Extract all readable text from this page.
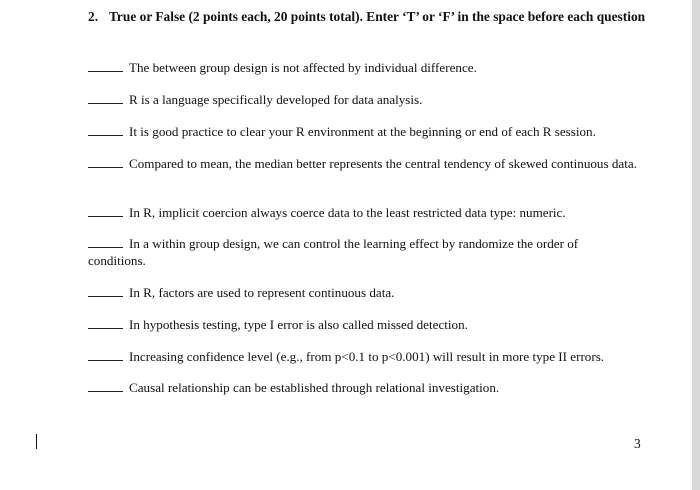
2. True or False (2 points each, 20 points total). Enter ‘T’ or ‘F’ in the space before each question
The between group design is not affected by individual difference.
R is a language specifically developed for data analysis.
It is good practice to clear your R environment at the beginning or end of each R session.
Compared to mean, the median better represents the central tendency of skewed continuous data.
In R, implicit coercion always coerce data to the least restricted data type: numeric.
In a within group design, we can control the learning effect by randomize the order of conditions.
In R, factors are used to represent continuous data.
In hypothesis testing, type I error is also called missed detection.
Increasing confidence level (e.g., from p<0.1 to p<0.001) will result in more type II errors.
Causal relationship can be established through relational investigation.
3
